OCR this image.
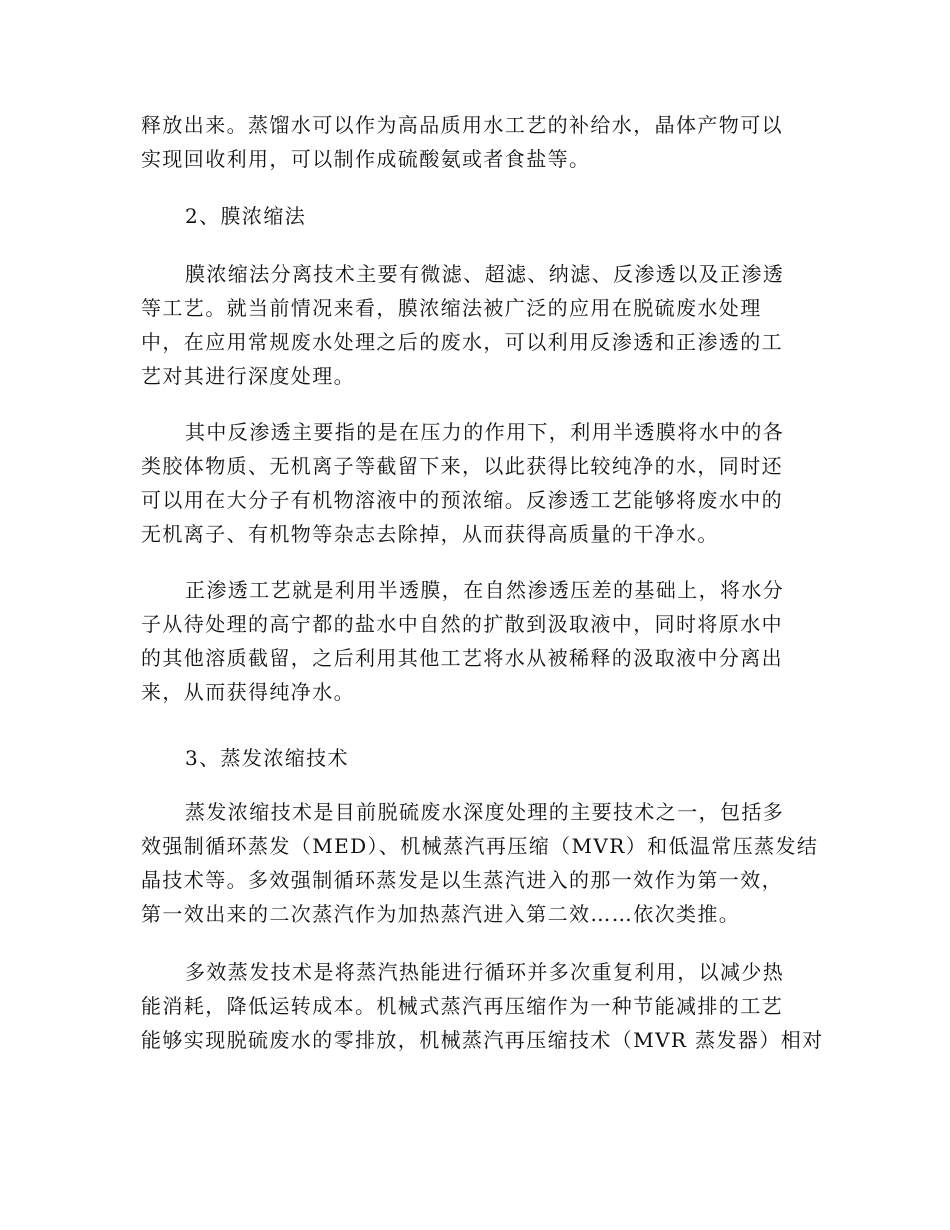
释放出来。蒸馏水可以作为高品质用水工艺的补给水，晶体产物可以
实现回收利用，可以制作成硫酸氨或者食盐等。
2、膜浓缩法
膜浓缩法分离技术主要有微滤、超滤、纳滤、反渗透以及正渗透
等工艺。就当前情况来看，膜浓缩法被广泛的应用在脱硫废水处理
中，在应用常规废水处理之后的废水，可以利用反渗透和正渗透的工
艺对其进行深度处理。
其中反渗透主要指的是在压力的作用下，利用半透膜将水中的各
类胶体物质、无机离子等截留下来，以此获得比较纯净的水，同时还
可以用在大分子有机物溶液中的预浓缩。反渗透工艺能够将废水中的
无机离子、有机物等杂志去除掉，从而获得高质量的干净水。
正渗透工艺就是利用半透膜，在自然渗透压差的基础上，将水分
子从待处理的高宁都的盐水中自然的扩散到汲取液中，同时将原水中
的其他溶质截留，之后利用其他工艺将水从被稀释的汲取液中分离出
来，从而获得纯净水。
3、蒸发浓缩技术
蒸发浓缩技术是目前脱硫废水深度处理的主要技术之一，包括多
效强制循环蒸发（MED）、机械蒸汽再压缩（MVR）和低温常压蒸发结
晶技术等。多效强制循环蒸发是以生蒸汽进入的那一效作为第一效，
第一效出来的二次蒸汽作为加热蒸汽进入第二效……依次类推。
多效蒸发技术是将蒸汽热能进行循环并多次重复利用，以减少热
能消耗，降低运转成本。机械式蒸汽再压缩作为一种节能减排的工艺
能够实现脱硫废水的零排放，机械蒸汽再压缩技术（MVR 蒸发器）相对
